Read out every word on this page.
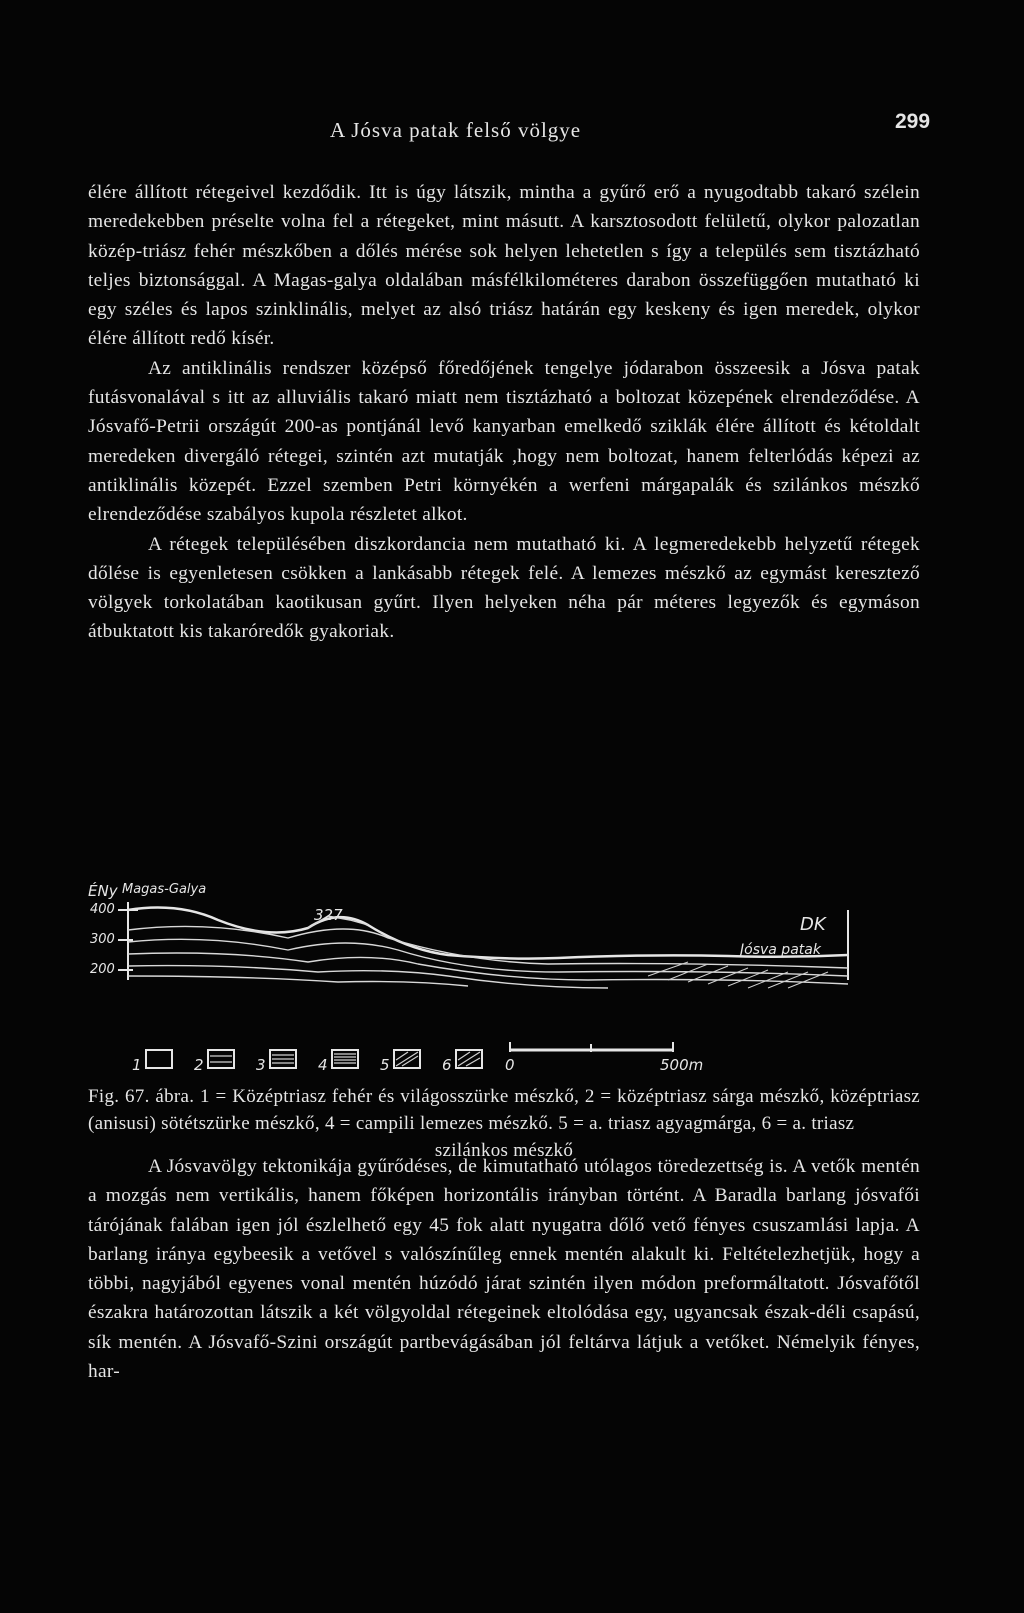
A Jósva patak felső völgye	299

élére állított rétegeivel kezdődik. Itt is úgy látszik, mintha a gyűrő erő a nyugodtabb takaró szélein meredekebben préselte volna fel a rétegeket, mint másutt. A karsztosodott felületű, olykor palozatlan közép-triász fehér mészkőben a dőlés mérése sok helyen lehetetlen s így a település sem tisztázható teljes biztonsággal. A Magas-galya oldalában másfélkilométeres darabon összefüggően mutatható ki egy széles és lapos szinklinális, melyet az alsó triász határán egy keskeny és igen meredek, olykor élére állított redő kísér.

Az antiklinális rendszer középső főredőjének tengelye jódarabon összeesik a Jósva patak futásvonalával s itt az alluviális takaró miatt nem tisztázható a boltozat közepének elrendeződése. A Jósvafő-Petrii országút 200-as pontjánál levő kanyarban emelkedő sziklák élére állított és kétoldalt meredeken divergáló rétegei, szintén azt mutatják ,hogy nem boltozat, hanem felterlódás képezi az antiklinális közepét. Ezzel szemben Petri környékén a werfeni márgapalák és szilánkos mészkő elrendeződése szabályos kupola részletet alkot.

A rétegek településében diszkordancia nem mutatható ki. A legmeredekebb helyzetű rétegek dőlése is egyenletesen csökken a lankásabb rétegek felé. A lemezes mészkő az egymást keresztező völgyek torkolatában kaotikusan gyűrt. Ilyen helyeken néha pár méteres legyezők és egymáson átbuktatott kis takaróredők gyakoriak.

ÉNy Magas-Galya
327	DK
Jósva patak
400
300
200
1	2	3	4	5	6	0	500m
Fig. 67. ábra. 1 = Középtriasz fehér és világosszürke mészkő, 2 = középtriasz sárga mészkő, középtriasz (anisusi) sötétszürke mészkő, 4 = campili lemezes mészkő. 5 = a. triasz agyagmárga, 6 = a. triasz
szilánkos mészkő

A Jósvavölgy tektonikája gyűrődéses, de kimutatható utólagos töredezettség is. A vetők mentén a mozgás nem vertikális, hanem főképen horizontális irányban történt. A Baradla barlang jósvafői tárójának falában igen jól észlelhető egy 45 fok alatt nyugatra dőlő vető fényes csuszamlási lapja. A barlang iránya egybeesik a vetővel s valószínűleg ennek mentén alakult ki. Feltételezhetjük, hogy a többi, nagyjából egyenes vonal mentén húzódó járat szintén ilyen módon preformáltatott. Jósvafőtől északra határozottan látszik a két völgyoldal rétegeinek eltolódása egy, ugyancsak észak-déli csapású, sík mentén. A Jósvafő-Szini országút partbevágásában jól feltárva látjuk a vetőket. Némelyik fényes, har-
